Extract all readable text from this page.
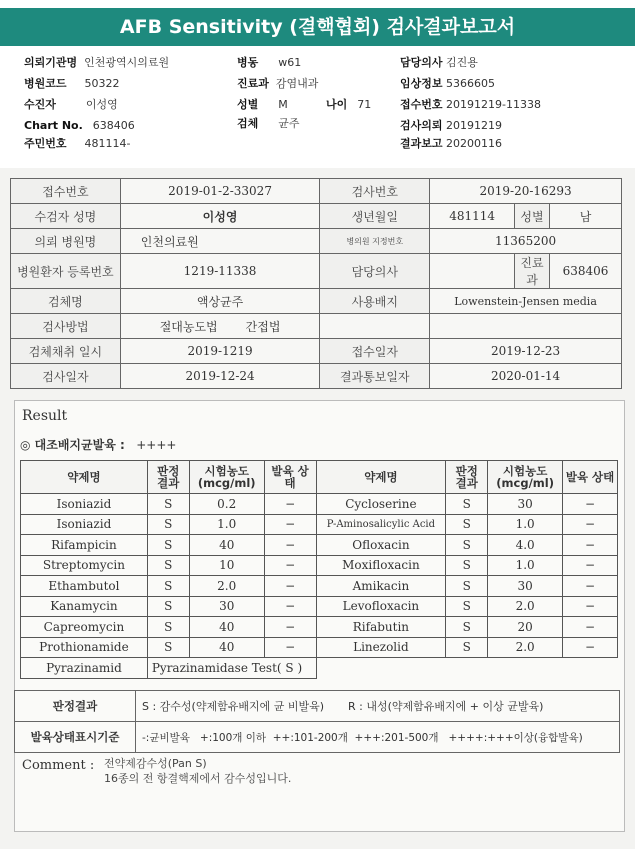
AFB Sensitivity (결핵협회) 검사결과보고서
의뢰기관명 인천광역시의료원
병원코드 50322
수진자	이성영
Chart No. 638406
주민번호 481114-
병동 w61
진료과 감염내과
성별 M	나이 71
검체 균주
담당의사 김진용
임상정보 5366605
접수번호 20191219-11338
검사의뢰 20191219
결과보고 20200116
접수번호	2019-01-2-33027	검사번호	2019-20-16293		
수검자 성명	이성영	생년월일	481114	성별	남
의뢰 병원명	인천의료원	병의원 지정번호	11365200		
병원환자 등록번호	1219-11338	담당의사		진료과	638406
검체명	액상균주	사용배지	Lowenstein-Jensen media		
검사방법	절대농도법 간접법				
검체채취 일시	2019-1219	접수일자	2019-12-23		
검사일자	2019-12-24	결과통보일자	2020-01-14		
Result
◎ 대조배지균발육 : ++++
약제명	판정 결과	시험농도 (mcg/ml)	발육 상태	약제명	판정 결과	시험농도 (mcg/ml)	발육 상태
Isoniazid	S	0.2	−	Cycloserine	S	30	−
Isoniazid	S	1.0	−	P-Aminosalicylic Acid	S	1.0	−
Rifampicin	S	40	−	Ofloxacin	S	4.0	−
Streptomycin	S	10	−	Moxifloxacin	S	1.0	−
Ethambutol	S	2.0	−	Amikacin	S	30	−
Kanamycin	S	30	−	Levofloxacin	S	2.0	−
Capreomycin	S	40	−	Rifabutin	S	20	−
Prothionamide	S	40	−	Linezolid	S	2.0	−
Pyrazinamid	Pyrazinamidase Test( S )						
판정결과	S : 감수성(약제함유배지에 균 비발육) R : 내성(약제함유배지에 + 이상 균발육)
발육상태표시기준	-:균비발육   +:100개 이하  ++:101-200개  +++:201-500개   ++++:+++이상(융합발육)
Comment : 전약제감수성(Pan S)
16종의 전 항결핵제에서 감수성입니다.
